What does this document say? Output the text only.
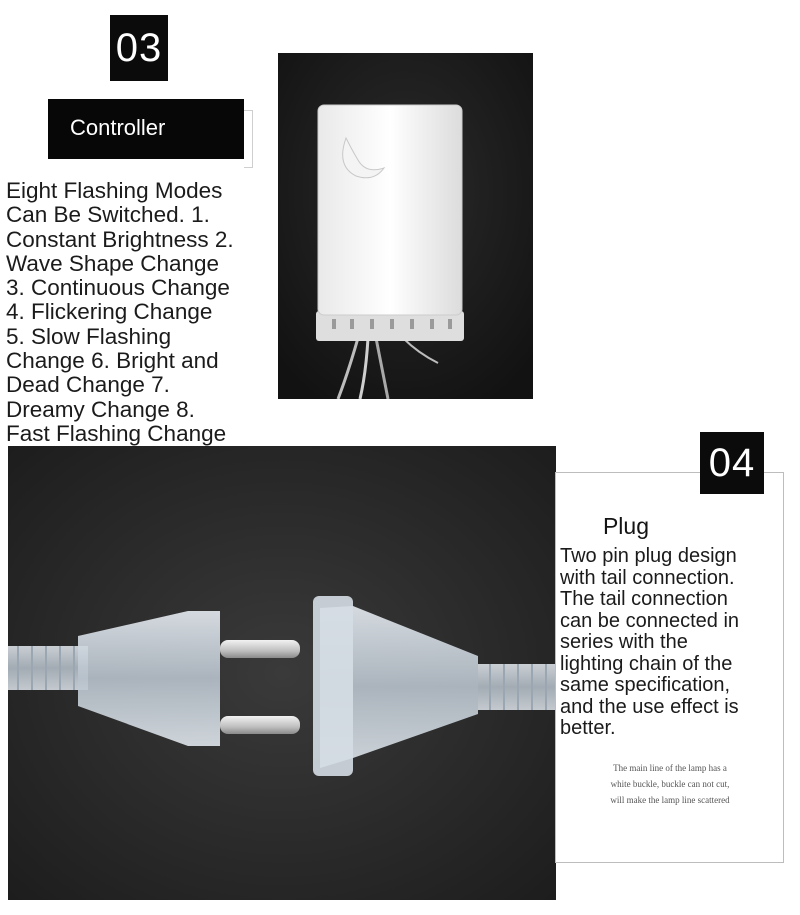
03
Controller
Eight Flashing Modes
Can Be Switched. 1.
Constant Brightness 2.
Wave Shape Change
3. Continuous Change
4. Flickering Change
5. Slow Flashing
Change 6. Bright and
Dead Change 7.
Dreamy Change 8.
Fast Flashing Change
04
Plug
Two pin plug design
with tail connection.
The tail connection
can be connected in
series with the
lighting chain of the
same specification,
and the use effect is
better.
The main line of the lamp has a
white buckle, buckle can not cut,
will make the lamp line scattered
